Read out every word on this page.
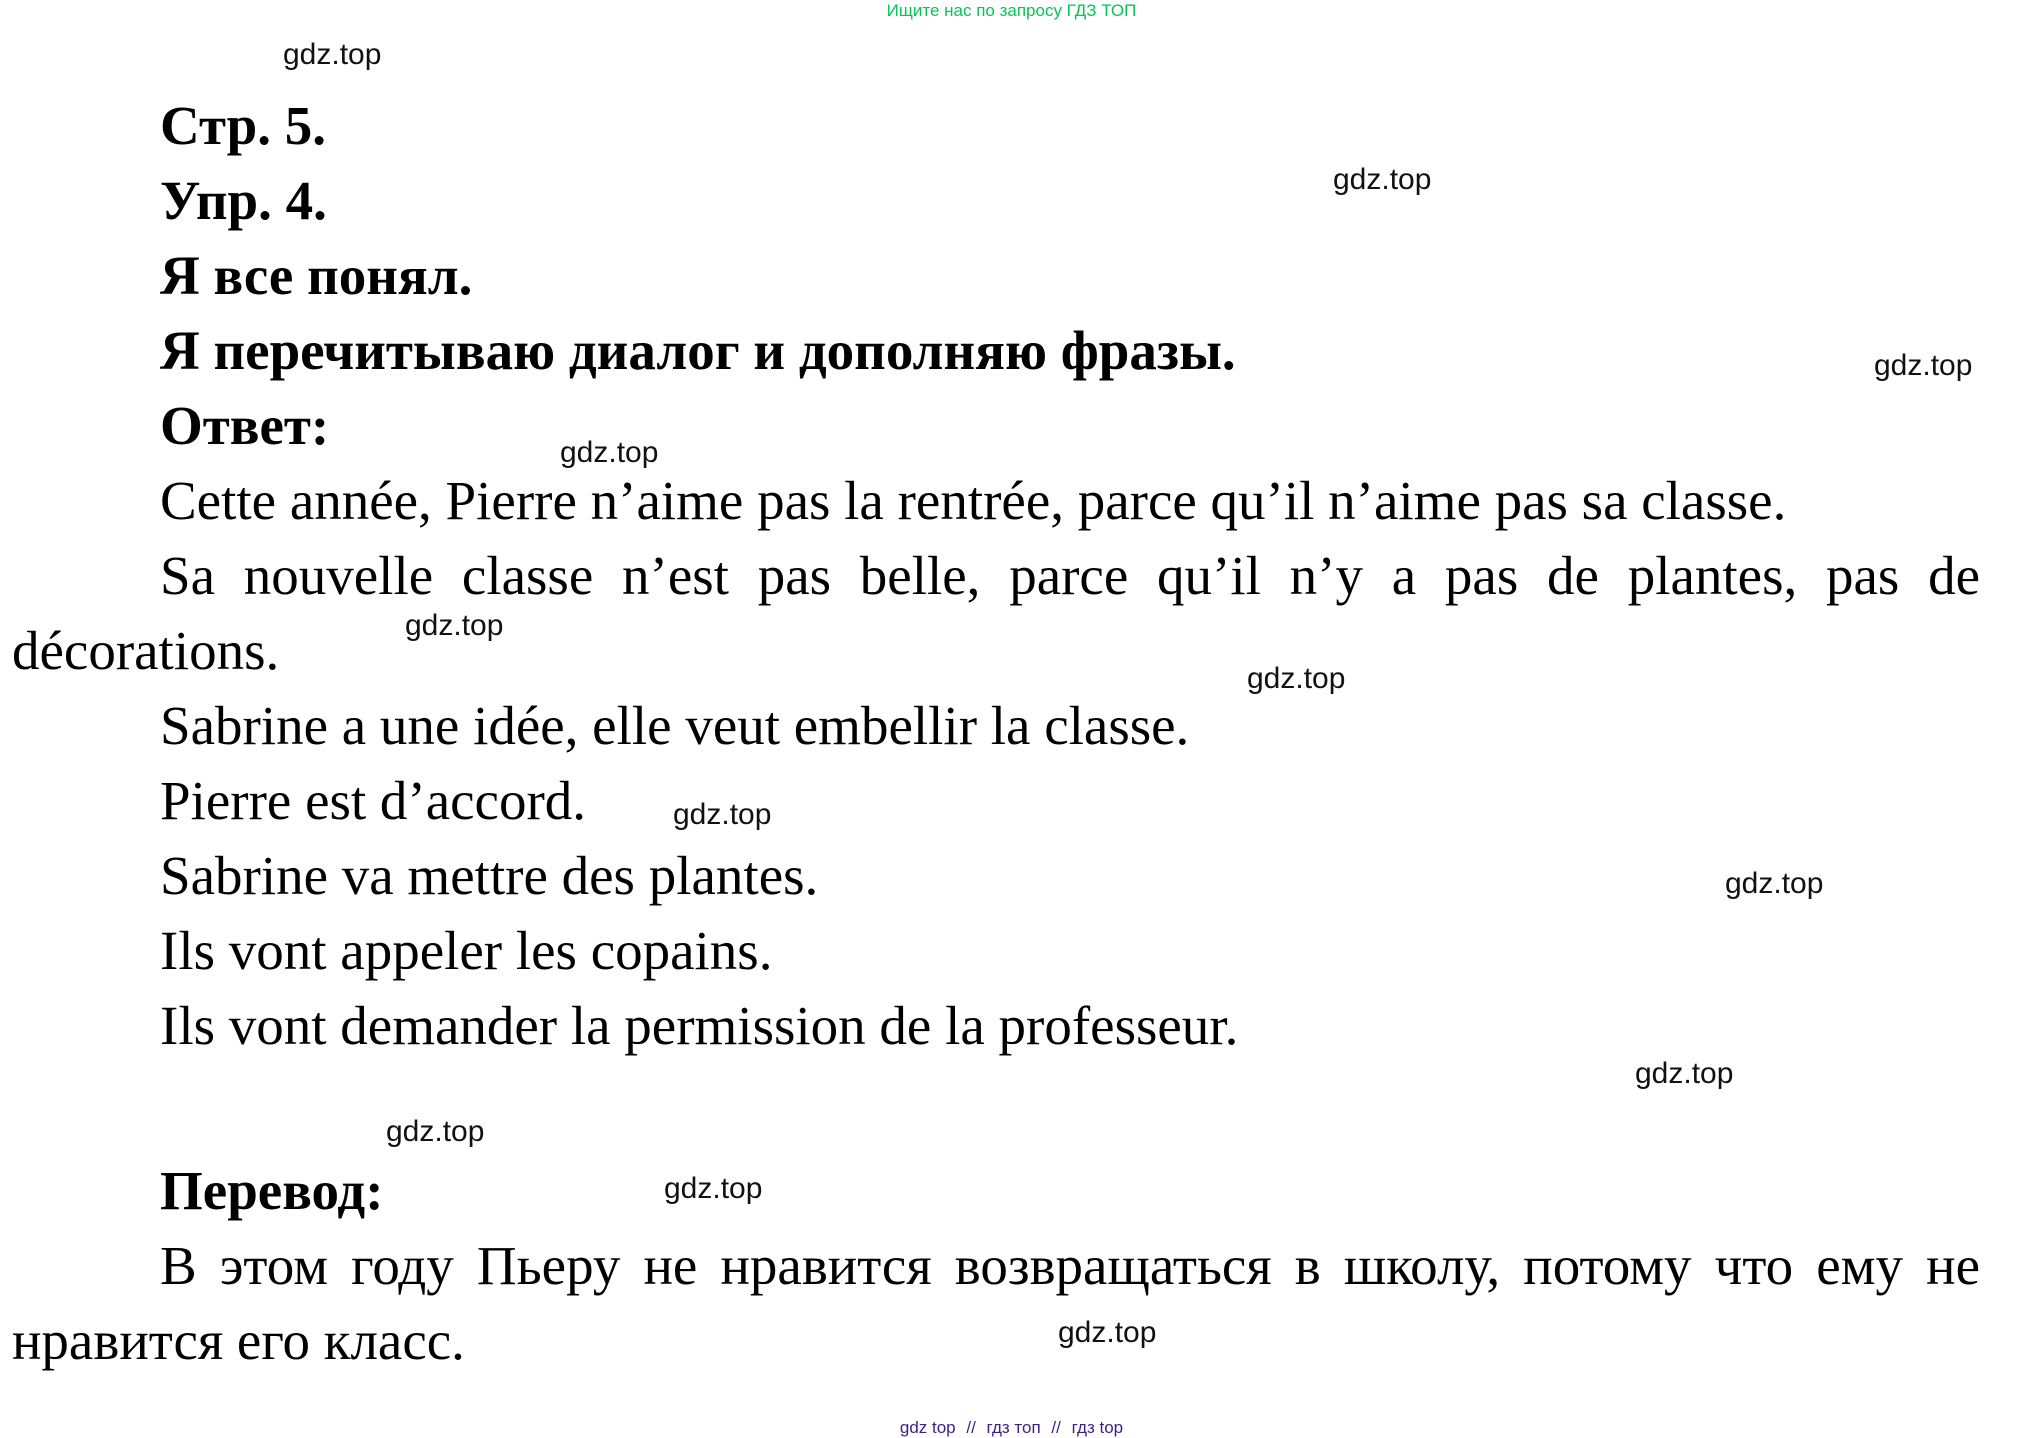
Ищите нас по запросу ГДЗ ТОП
Стр. 5.
Упр. 4.
Я все понял.
Я перечитываю диалог и дополняю фразы.
Ответ:
Cette année, Pierre n’aime pas la rentrée, parce qu’il n’aime pas sa classe.
Sa nouvelle classe n’est pas belle, parce qu’il n’y a pas de plantes, pas de décorations.
Sabrine a une idée, elle veut embellir la classe.
Pierre est d’accord.
Sabrine va mettre des plantes.
Ils vont appeler les copains.
Ils vont demander la permission de la professeur.
Перевод:
В этом году Пьеру не нравится возвращаться в школу, потому что ему не нравится его класс.
gdz.top
gdz.top
gdz.top
gdz.top
gdz.top
gdz.top
gdz.top
gdz.top
gdz.top
gdz.top
gdz.top
gdz.top
gdz top // гдз топ // гдз top
